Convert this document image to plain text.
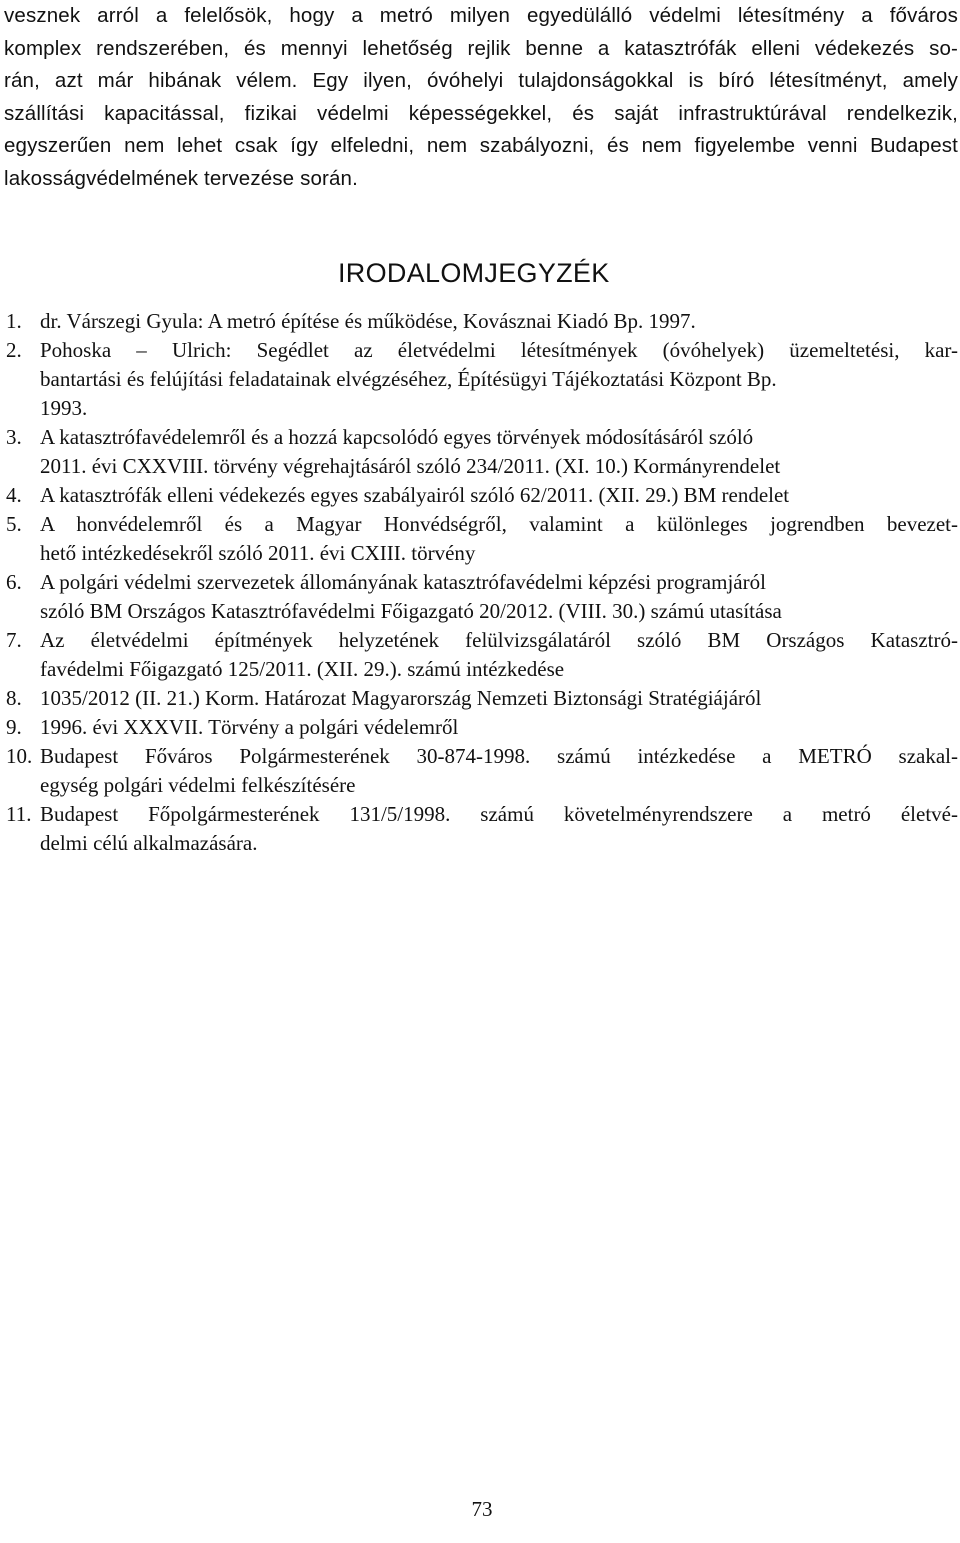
vesznek arról a felelősök, hogy a metró milyen egyedülálló védelmi létesítmény a főváros
komplex rendszerében, és mennyi lehetőség rejlik benne a katasztrófák elleni védekezés so-
rán, azt már hibának vélem. Egy ilyen, óvóhelyi tulajdonságokkal is bíró létesítményt, amely
szállítási kapacitással, fizikai védelmi képességekkel, és saját infrastruktúrával rendelkezik,
egyszerűen nem lehet csak így elfeledni, nem szabályozni, és nem figyelembe venni Budapest
lakosságvédelmének tervezése során.
IRODALOMJEGYZÉK
1. dr. Várszegi Gyula: A metró építése és működése, Kovásznai Kiadó Bp. 1997.
2. Pohoska – Ulrich: Segédlet az életvédelmi létesítmények (óvóhelyek) üzemeltetési, kar-
bantartási és felújítási feladatainak elvégzéséhez, Építésügyi Tájékoztatási Központ Bp.
1993.
3. A katasztrófavédelemről és a hozzá kapcsolódó egyes törvények módosításáról szóló
2011. évi CXXVIII. törvény végrehajtásáról szóló 234/2011. (XI. 10.) Kormányrendelet
4. A katasztrófák elleni védekezés egyes szabályairól szóló 62/2011. (XII. 29.) BM rendelet
5. A honvédelemről és a Magyar Honvédségről, valamint a különleges jogrendben bevezet-
hető intézkedésekről szóló 2011. évi CXIII. törvény
6. A polgári védelmi szervezetek állományának katasztrófavédelmi képzési programjáról
szóló BM Országos Katasztrófavédelmi Főigazgató 20/2012. (VIII. 30.) számú utasítása
7. Az életvédelmi építmények helyzetének felülvizsgálatáról szóló BM Országos Katasztró-
favédelmi Főigazgató 125/2011. (XII. 29.). számú intézkedése
8. 1035/2012 (II. 21.) Korm. Határozat Magyarország Nemzeti Biztonsági Stratégiájáról
9. 1996. évi XXXVII. Törvény a polgári védelemről
10. Budapest Főváros Polgármesterének 30-874-1998. számú intézkedése a METRÓ szakal-
egység polgári védelmi felkészítésére
11. Budapest Főpolgármesterének 131/5/1998. számú követelményrendszere a metró életvé-
delmi célú alkalmazására.
73
